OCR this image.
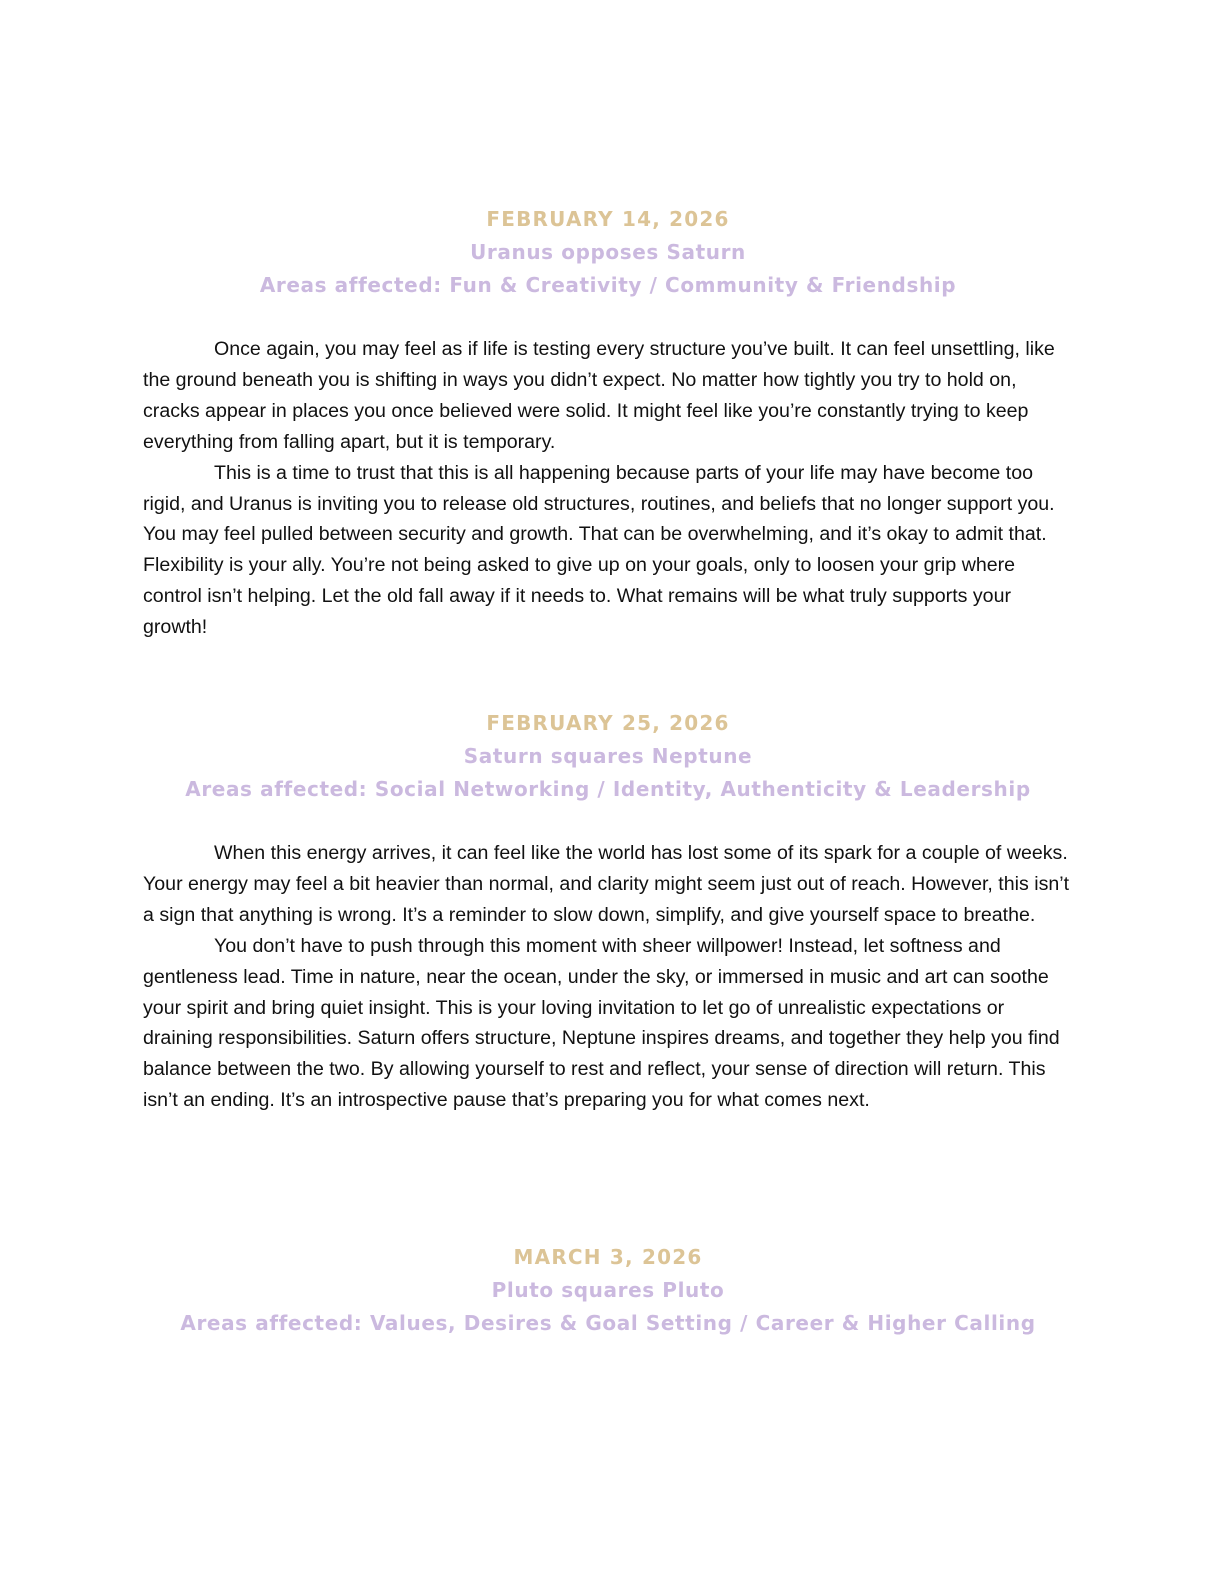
FEBRUARY 14, 2026
Uranus opposes Saturn
Areas affected: Fun & Creativity / Community & Friendship

Once again, you may feel as if life is testing every structure you’ve built. It can feel unsettling, like the ground beneath you is shifting in ways you didn’t expect. No matter how tightly you try to hold on, cracks appear in places you once believed were solid. It might feel like you’re constantly trying to keep everything from falling apart, but it is temporary.

This is a time to trust that this is all happening because parts of your life may have become too rigid, and Uranus is inviting you to release old structures, routines, and beliefs that no longer support you. You may feel pulled between security and growth. That can be overwhelming, and it’s okay to admit that. Flexibility is your ally. You’re not being asked to give up on your goals, only to loosen your grip where control isn’t helping. Let the old fall away if it needs to. What remains will be what truly supports your growth!

FEBRUARY 25, 2026
Saturn squares Neptune
Areas affected: Social Networking / Identity, Authenticity & Leadership

When this energy arrives, it can feel like the world has lost some of its spark for a couple of weeks. Your energy may feel a bit heavier than normal, and clarity might seem just out of reach. However, this isn’t a sign that anything is wrong. It’s a reminder to slow down, simplify, and give yourself space to breathe.

You don’t have to push through this moment with sheer willpower! Instead, let softness and gentleness lead. Time in nature, near the ocean, under the sky, or immersed in music and art can soothe your spirit and bring quiet insight. This is your loving invitation to let go of unrealistic expectations or draining responsibilities. Saturn offers structure, Neptune inspires dreams, and together they help you find balance between the two. By allowing yourself to rest and reflect, your sense of direction will return. This isn’t an ending. It’s an introspective pause that’s preparing you for what comes next.

MARCH 3, 2026
Pluto squares Pluto
Areas affected: Values, Desires & Goal Setting / Career & Higher Calling
